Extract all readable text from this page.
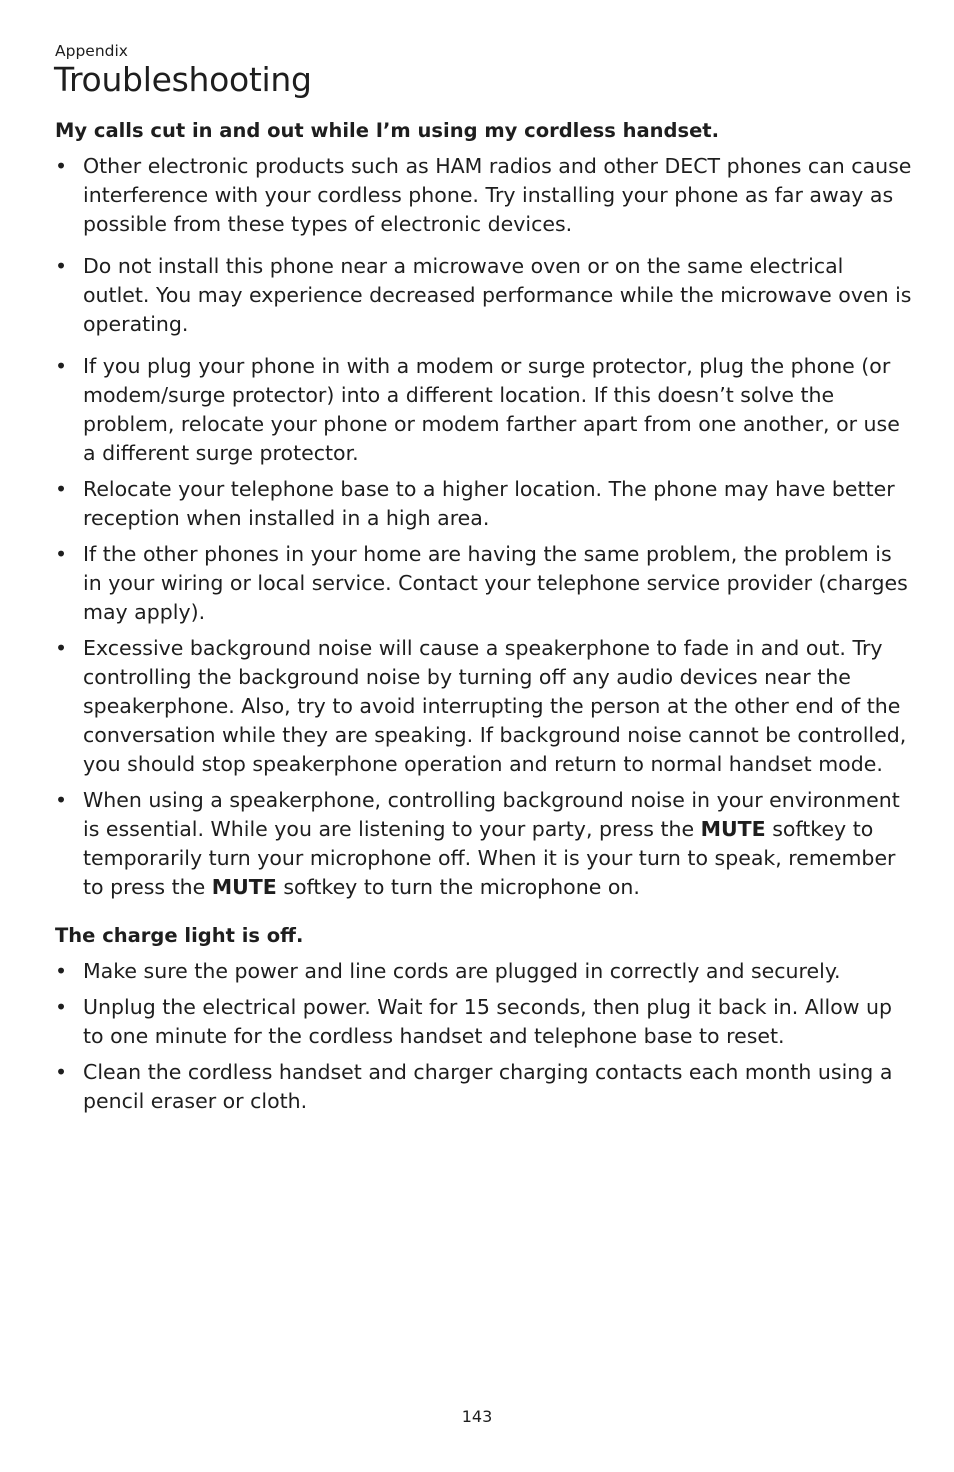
Appendix
Troubleshooting

My calls cut in and out while I’m using my cordless handset.

• Other electronic products such as HAM radios and other DECT phones can cause interference with your cordless phone. Try installing your phone as far away as possible from these types of electronic devices.
• Do not install this phone near a microwave oven or on the same electrical outlet. You may experience decreased performance while the microwave oven is operating.
• If you plug your phone in with a modem or surge protector, plug the phone (or modem/surge protector) into a different location. If this doesn’t solve the problem, relocate your phone or modem farther apart from one another, or use a different surge protector.
• Relocate your telephone base to a higher location. The phone may have better reception when installed in a high area.
• If the other phones in your home are having the same problem, the problem is in your wiring or local service. Contact your telephone service provider (charges may apply).
• Excessive background noise will cause a speakerphone to fade in and out. Try controlling the background noise by turning off any audio devices near the speakerphone. Also, try to avoid interrupting the person at the other end of the conversation while they are speaking. If background noise cannot be controlled, you should stop speakerphone operation and return to normal handset mode.
• When using a speakerphone, controlling background noise in your environment is essential. While you are listening to your party, press the MUTE softkey to temporarily turn your microphone off. When it is your turn to speak, remember to press the MUTE softkey to turn the microphone on.

The charge light is off.

• Make sure the power and line cords are plugged in correctly and securely.
• Unplug the electrical power. Wait for 15 seconds, then plug it back in. Allow up to one minute for the cordless handset and telephone base to reset.
• Clean the cordless handset and charger charging contacts each month using a pencil eraser or cloth.
143
